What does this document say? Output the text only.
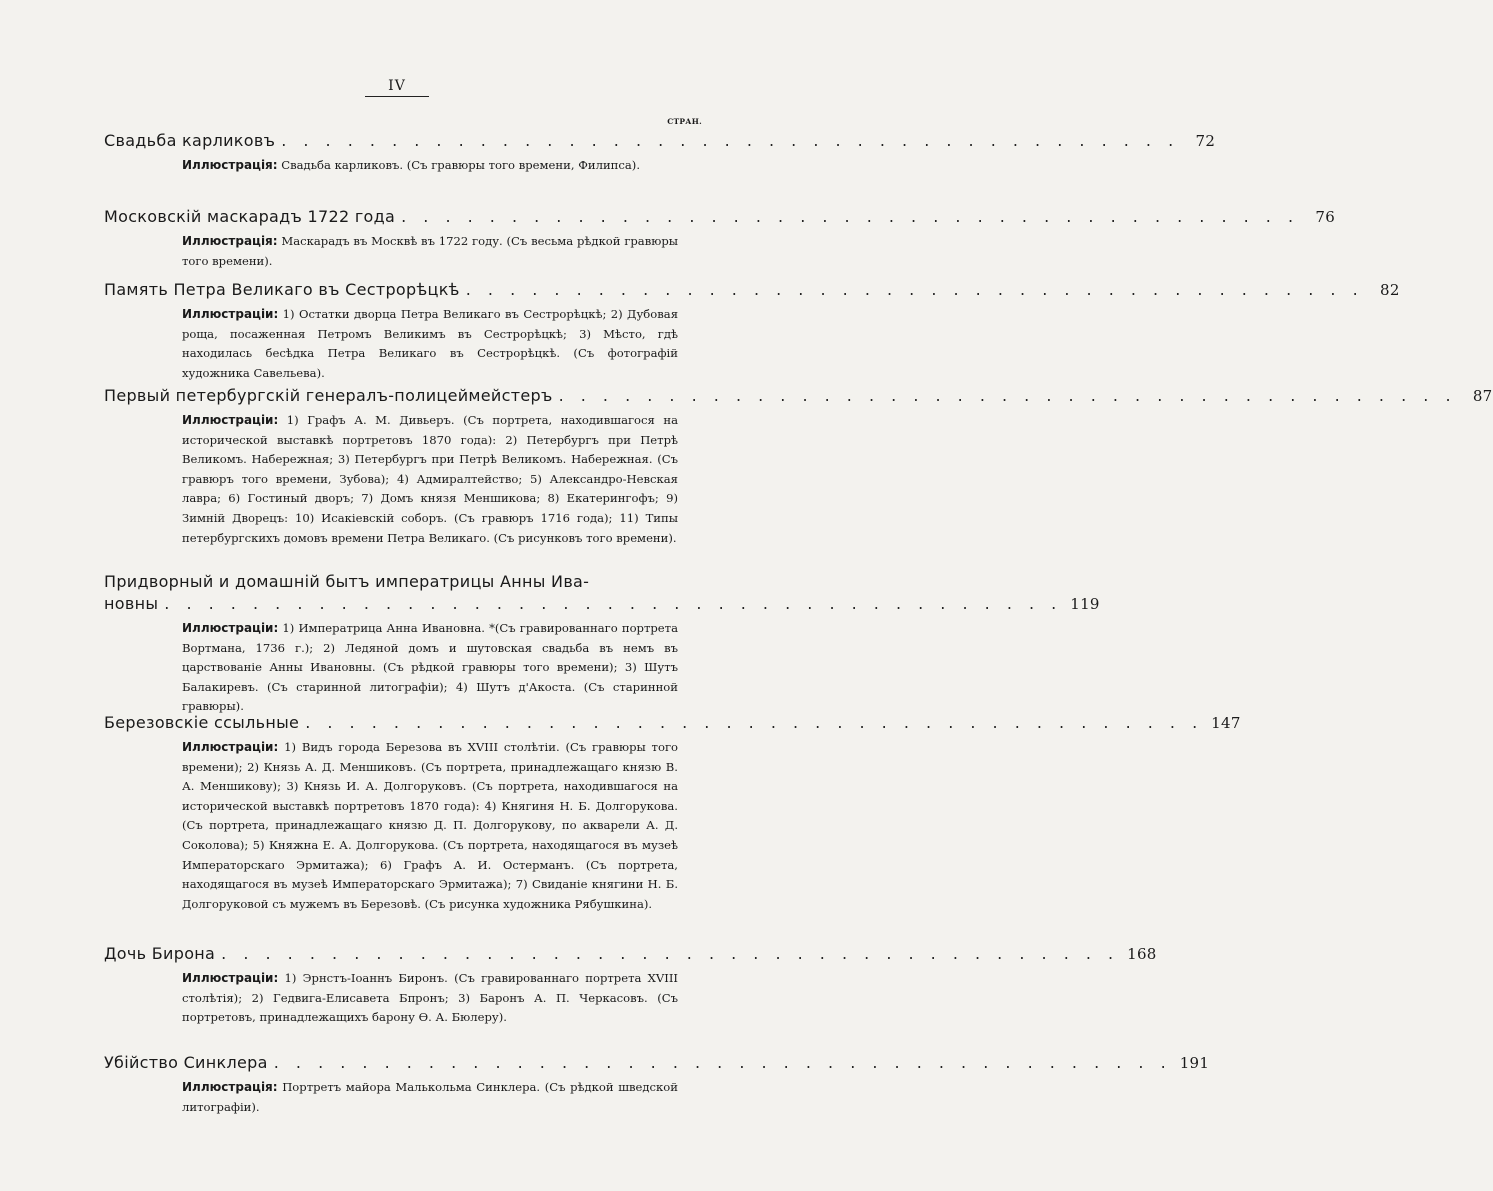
IV
СТРАН.
Свадьба карликовъ . . . . . . . . . . . . . . . . . . . . . . . . . . . . . . . . . . . . . . . . .	72
Иллюстрація: Свадьба карликовъ. (Съ гравюры того времени, Филипса).
Московскій маскарадъ 1722 года . . . . . . . . . . . . . . . . . . . . . . . . . . . . . . . . . . . . . . . . .	76
Иллюстрація: Маскарадъ въ Москвѣ въ 1722 году. (Съ весьма рѣдкой гравюры того времени).
Память Петра Великаго въ Сестрорѣцкѣ . . . . . . . . . . . . . . . . . . . . . . . . . . . . . . . . . . . . . . . . .	82
Иллюстраціи: 1) Остатки дворца Петра Великаго въ Сестрорѣцкѣ; 2) Дубовая роща, посаженная Петромъ Великимъ въ Сестрорѣцкѣ; 3) Мѣсто, гдѣ находилась бесѣдка Петра Великаго въ Сестрорѣцкѣ. (Съ фотографій художника Савельева).
Первый петербургскій генералъ-полицеймейстеръ . . . . . . . . . . . . . . . . . . . . . . . . . . . . . . . . . . . . . . . . .	87
Иллюстраціи: 1) Графъ А. М. Дивьеръ. (Съ портрета, находившагося на исторической выставкѣ портретовъ 1870 года): 2) Петербургъ при Петрѣ Великомъ. Набережная; 3) Петербургъ при Петрѣ Великомъ. Набережная. (Съ гравюръ того времени, Зубова); 4) Адмиралтейство; 5) Александро-Невская лавра; 6) Гостиный дворъ; 7) Домъ князя Меншикова; 8) Екатерингофъ; 9) Зимній Дворецъ: 10) Исакіевскій соборъ. (Съ гравюръ 1716 года); 11) Типы петербургскихъ домовъ времени Петра Великаго. (Съ рисунковъ того времени).
Придворный и домашній бытъ императрицы Анны Ива-
новны . . . . . . . . . . . . . . . . . . . . . . . . . . . . . . . . . . . . . . . . . 119
Иллюстраціи: 1) Императрица Анна Ивановна. *(Съ гравированнаго портрета Вортмана, 1736 г.); 2) Ледяной домъ и шутовская свадьба въ немъ въ царствованіе Анны Ивановны. (Съ рѣдкой гравюры того времени); 3) Шутъ Балакиревъ. (Съ старинной литографіи); 4) Шутъ д'Акоста. (Съ старинной гравюры).
Березовскіе ссыльные . . . . . . . . . . . . . . . . . . . . . . . . . . . . . . . . . . . . . . . . . 147
Иллюстраціи: 1) Видъ города Березова въ XVIII столѣтіи. (Съ гравюры того времени); 2) Князь А. Д. Меншиковъ. (Съ портрета, принадлежащаго князю В. А. Меншикову); 3) Князь И. А. Долгоруковъ. (Съ портрета, находившагося на исторической выставкѣ портретовъ 1870 года): 4) Княгиня Н. Б. Долгорукова. (Съ портрета, принадлежащаго князю Д. П. Долгорукову, по акварели А. Д. Соколова); 5) Княжна Е. А. Долгорукова. (Съ портрета, находящагося въ музеѣ Императорскаго Эрмитажа); 6) Графъ А. И. Остерманъ. (Съ портрета, находящагося въ музеѣ Императорскаго Эрмитажа); 7) Свиданіе княгини Н. Б. Долгоруковой съ мужемъ въ Березовѣ. (Съ рисунка художника Рябушкина).
Дочь Бирона . . . . . . . . . . . . . . . . . . . . . . . . . . . . . . . . . . . . . . . . . 168
Иллюстраціи: 1) Эрнстъ-Іоаннъ Биронъ. (Съ гравированнаго портрета XVIII столѣтія); 2) Гедвига-Елисавета Бπронъ; 3) Баронъ А. П. Черкасовъ. (Съ портретовъ, принадлежащихъ барону Ѳ. А. Бюлеру).
Убійство Синклера . . . . . . . . . . . . . . . . . . . . . . . . . . . . . . . . . . . . . . . . . 191
Иллюстрація: Портретъ майора Малькольма Синклера. (Съ рѣдкой шведской литографіи).
